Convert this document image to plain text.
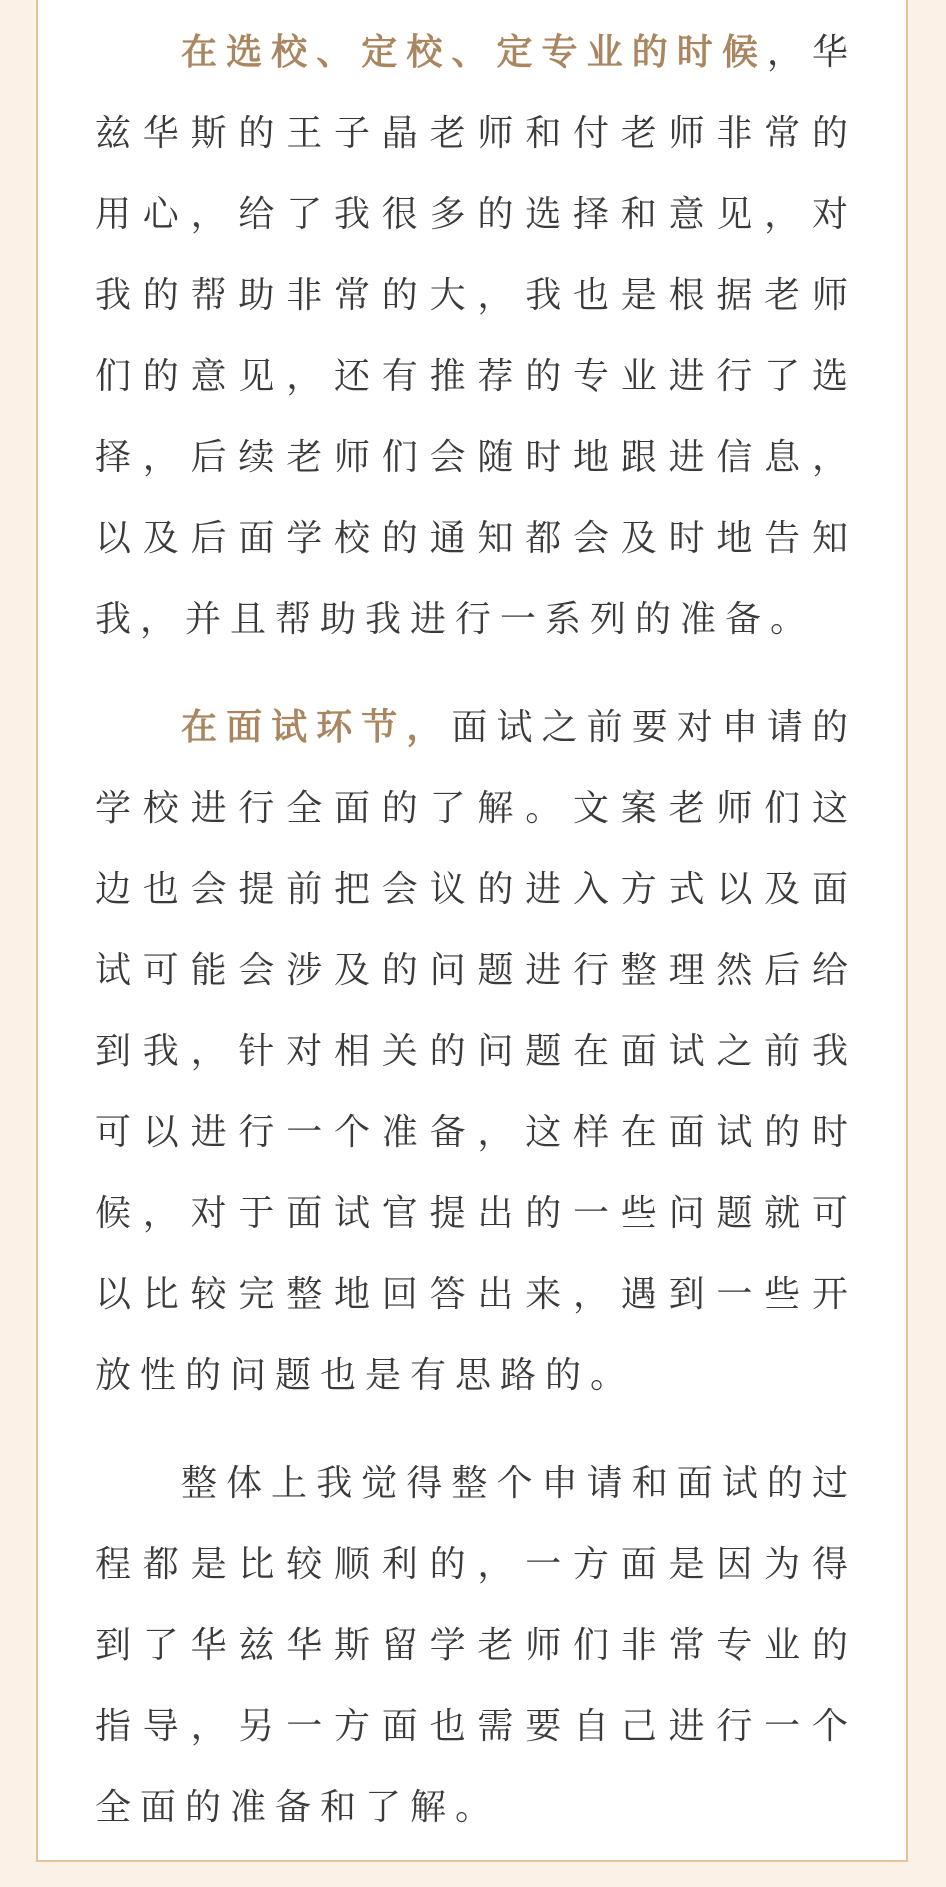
在选校、定校、定专业的时候，华兹华斯的王子晶老师和付老师非常的用心，给了我很多的选择和意见，对我的帮助非常的大，我也是根据老师们的意见，还有推荐的专业进行了选择，后续老师们会随时地跟进信息，以及后面学校的通知都会及时地告知我，并且帮助我进行一系列的准备。

在面试环节，面试之前要对申请的学校进行全面的了解。文案老师们这边也会提前把会议的进入方式以及面试可能会涉及的问题进行整理然后给到我，针对相关的问题在面试之前我可以进行一个准备，这样在面试的时候，对于面试官提出的一些问题就可以比较完整地回答出来，遇到一些开放性的问题也是有思路的。

整体上我觉得整个申请和面试的过程都是比较顺利的，一方面是因为得到了华兹华斯留学老师们非常专业的指导，另一方面也需要自己进行一个全面的准备和了解。
